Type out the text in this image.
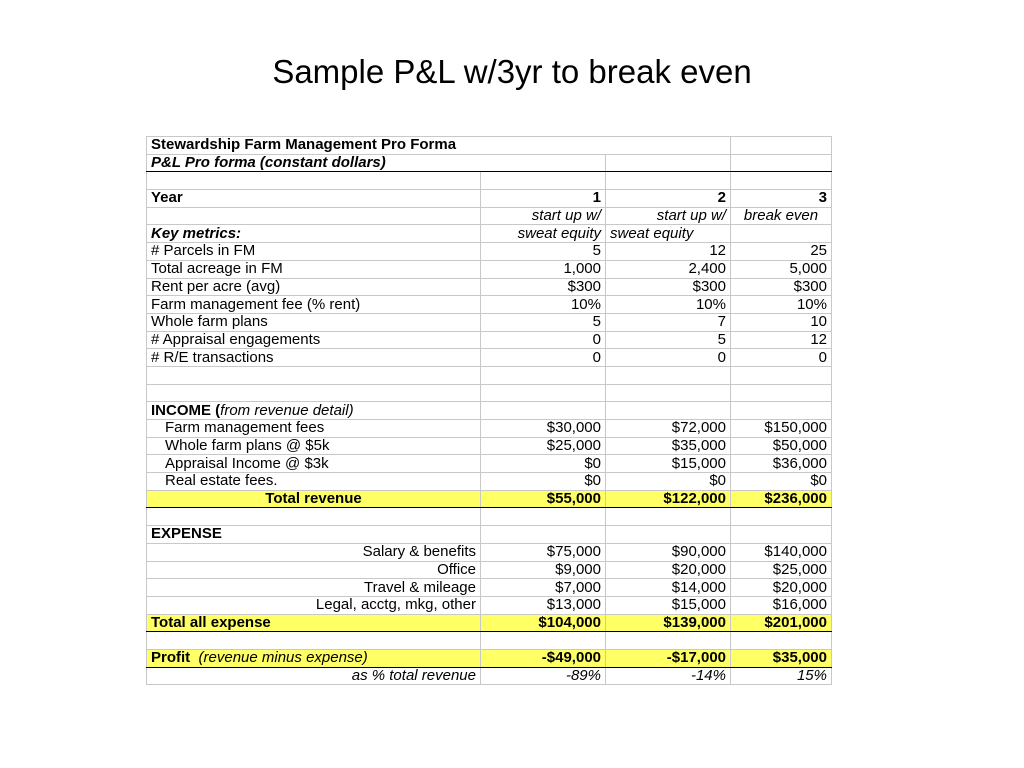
Sample P&L w/3yr to break even
Stewardship Farm Management Pro Forma			
P&L Pro forma (constant dollars)			

Year	1	2	3
	start up w/	start up w/	break even
Key metrics:	sweat equity	sweat equity	
# Parcels in FM	5	12	25
Total acreage in FM	1,000	2,400	5,000
Rent per acre (avg)	$300	$300	$300
Farm management fee (% rent)	10%	10%	10%
Whole farm plans	5	7	10
# Appraisal engagements	0	5	12
# R/E transactions	0	0	0

INCOME (from revenue detail)			
Farm management fees	$30,000	$72,000	$150,000
Whole farm plans @ $5k	$25,000	$35,000	$50,000
Appraisal Income @ $3k	$0	$15,000	$36,000
Real estate fees.	$0	$0	$0
Total revenue	$55,000	$122,000	$236,000

EXPENSE			
Salary & benefits	$75,000	$90,000	$140,000
Office	$9,000	$20,000	$25,000
Travel & mileage	$7,000	$14,000	$20,000
Legal, acctg, mkg, other	$13,000	$15,000	$16,000
Total all expense	$104,000	$139,000	$201,000

Profit (revenue minus expense)	-$49,000	-$17,000	$35,000
as % total revenue	-89%	-14%	15%
